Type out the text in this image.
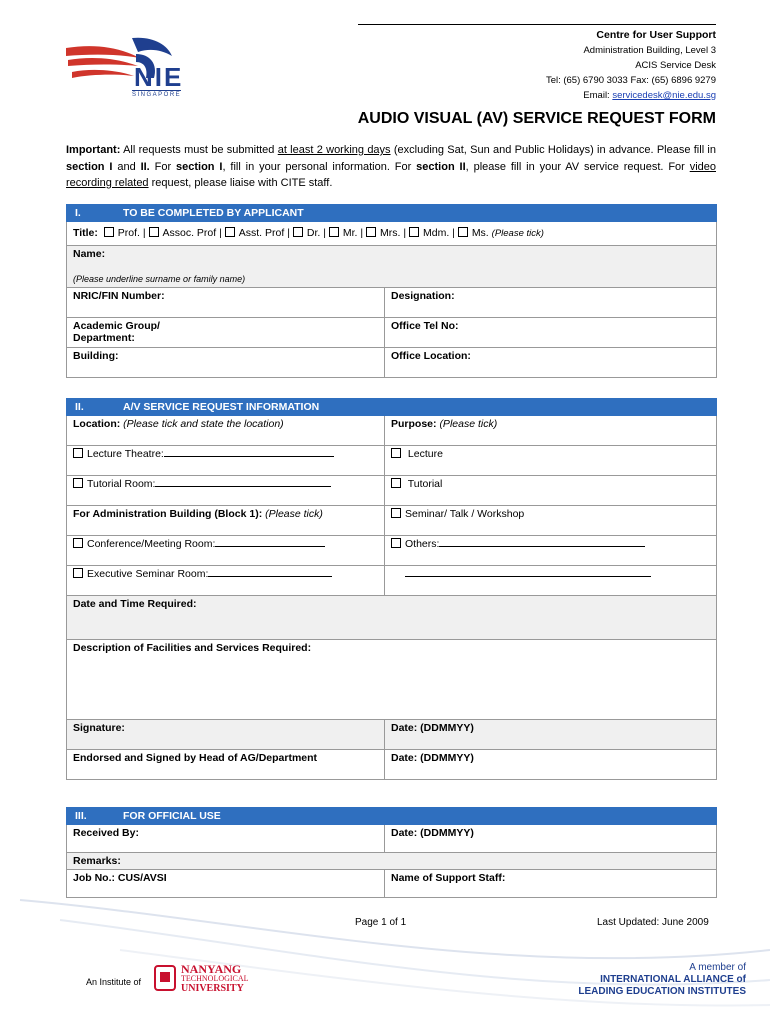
NIE
SINGAPORE
Centre for User Support
Administration Building, Level 3
ACIS Service Desk
Tel: (65) 6790 3033 Fax: (65) 6896 9279
Email: servicedesk@nie.edu.sg
AUDIO VISUAL (AV) SERVICE REQUEST FORM
Important: All requests must be submitted at least 2 working days (excluding Sat, Sun and Public Holidays) in advance. Please fill in section I and II. For section I, fill in your personal information. For section II, please fill in your AV service request. For video recording related request, please liaise with CITE staff.
I. TO BE COMPLETED BY APPLICANT	
Title: Prof. | Assoc. Prof | Asst. Prof | Dr. | Mr. | Mrs. | Mdm. | Ms. (Please tick)	

Name:
(Please underline surname or family name)	

NRIC/FIN Number:	Designation:

Academic Group/
Department:	Office Tel No:
Building:	Office Location:
II. A/V SERVICE REQUEST INFORMATION	
Location: (Please tick and state the location)	Purpose: (Please tick)
Lecture Theatre:	Lecture
Tutorial Room:	Tutorial
For Administration Building (Block 1): (Please tick)	Seminar/ Talk / Workshop
Conference/Meeting Room:	Others:
Executive Seminar Room:	
Date and Time Required:	
Description of Facilities and Services Required:	
Signature:	Date: (DDMMYY)
Endorsed and Signed by Head of AG/Department	Date: (DDMMYY)
III. FOR OFFICIAL USE	
Received By:	Date: (DDMMYY)
Remarks:	
Job No.: CUS/AVSI	Name of Support Staff:
Page 1 of 1	Last Updated: June 2009
An Institute of
NANYANG
TECHNOLOGICAL
UNIVERSITY
A member of
INTERNATIONAL ALLIANCE of
LEADING EDUCATION INSTITUTES
